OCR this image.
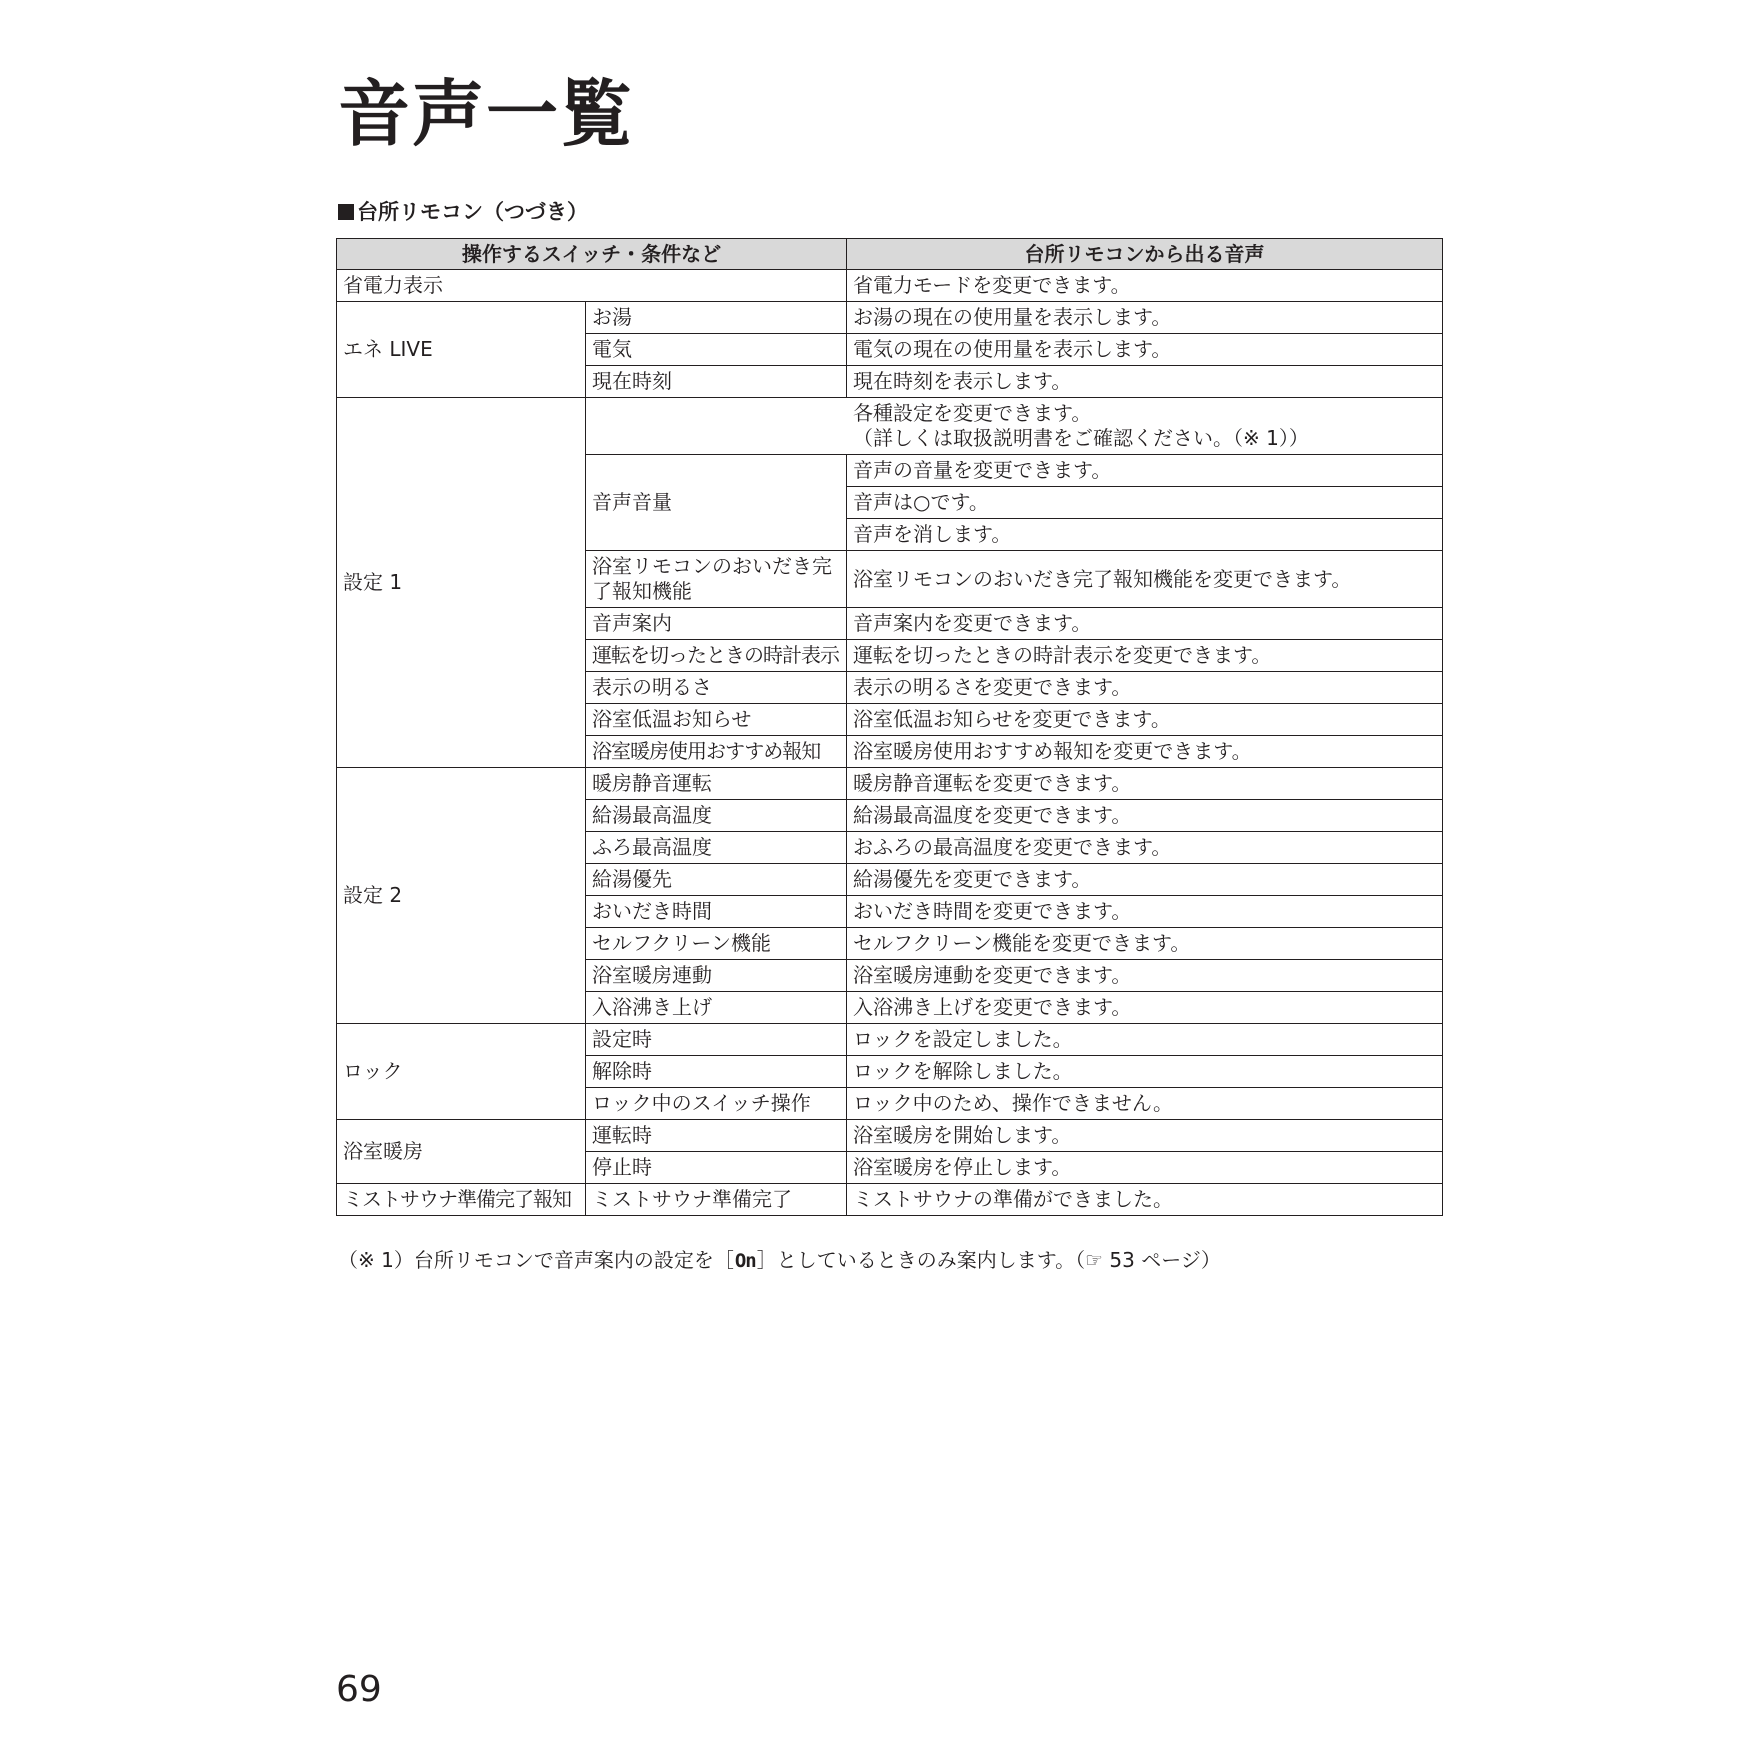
音声一覧
台所リモコン（つづき）
操作するスイッチ・条件など		台所リモコンから出る音声
省電力表示		省電力モードを変更できます。
エネ LIVE	お湯	お湯の現在の使用量を表示します。
	電気	電気の現在の使用量を表示します。
	現在時刻	現在時刻を表示します。
設定 1		各種設定を変更できます。
（詳しくは取扱説明書をご確認ください。（※ 1））

	音声音量	音声の音量を変更できます。
		音声は○です。
		音声を消します。

	浴室リモコンのおいだき完
了報知機能	浴室リモコンのおいだき完了報知機能を変更できます。
	音声案内	音声案内を変更できます。
	運転を切ったときの時計表示	運転を切ったときの時計表示を変更できます。
	表示の明るさ	表示の明るさを変更できます。
	浴室低温お知らせ	浴室低温お知らせを変更できます。
	浴室暖房使用おすすめ報知	浴室暖房使用おすすめ報知を変更できます。
設定 2	暖房静音運転	暖房静音運転を変更できます。
	給湯最高温度	給湯最高温度を変更できます。
	ふろ最高温度	おふろの最高温度を変更できます。
	給湯優先	給湯優先を変更できます。
	おいだき時間	おいだき時間を変更できます。
	セルフクリーン機能	セルフクリーン機能を変更できます。
	浴室暖房連動	浴室暖房連動を変更できます。
	入浴沸き上げ	入浴沸き上げを変更できます。
ロック	設定時	ロックを設定しました。
	解除時	ロックを解除しました。
	ロック中のスイッチ操作	ロック中のため、操作できません。
浴室暖房	運転時	浴室暖房を開始します。
	停止時	浴室暖房を停止します。
ミストサウナ準備完了報知	ミストサウナ準備完了	ミストサウナの準備ができました。
（※ 1）台所リモコンで音声案内の設定を［On］としているときのみ案内します。（☞ 53 ページ）
69
